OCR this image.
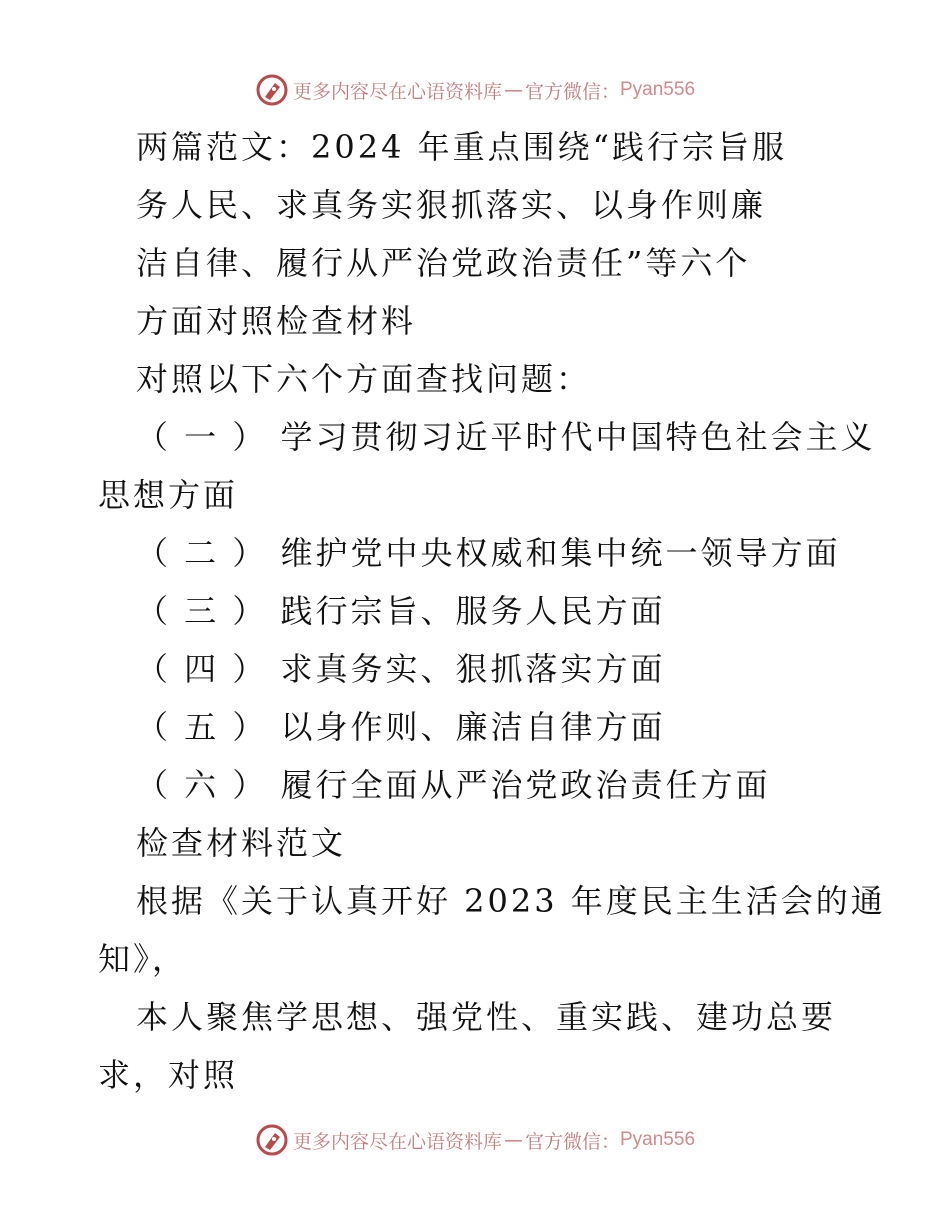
更多内容尽在心语资料库 — 官方微信： Pyan556
两篇范文：2024 年重点围绕“践行宗旨服
务人民、求真务实狠抓落实、以身作则廉
洁自律、履行从严治党政治责任”等六个
方面对照检查材料
对照以下六个方面查找问题：
（ 一 ） 学习贯彻习近平时代中国特色社会主义
思想方面
（ 二 ） 维护党中央权威和集中统一领导方面
（ 三 ） 践行宗旨、服务人民方面
（ 四 ） 求真务实、狠抓落实方面
（ 五 ） 以身作则、廉洁自律方面
（ 六 ） 履行全面从严治党政治责任方面
检查材料范文
根据《关于认真开好 2023 年度民主生活会的通
知》，
本人聚焦学思想、强党性、重实践、建功总要
求，对照
更多内容尽在心语资料库 — 官方微信： Pyan556
